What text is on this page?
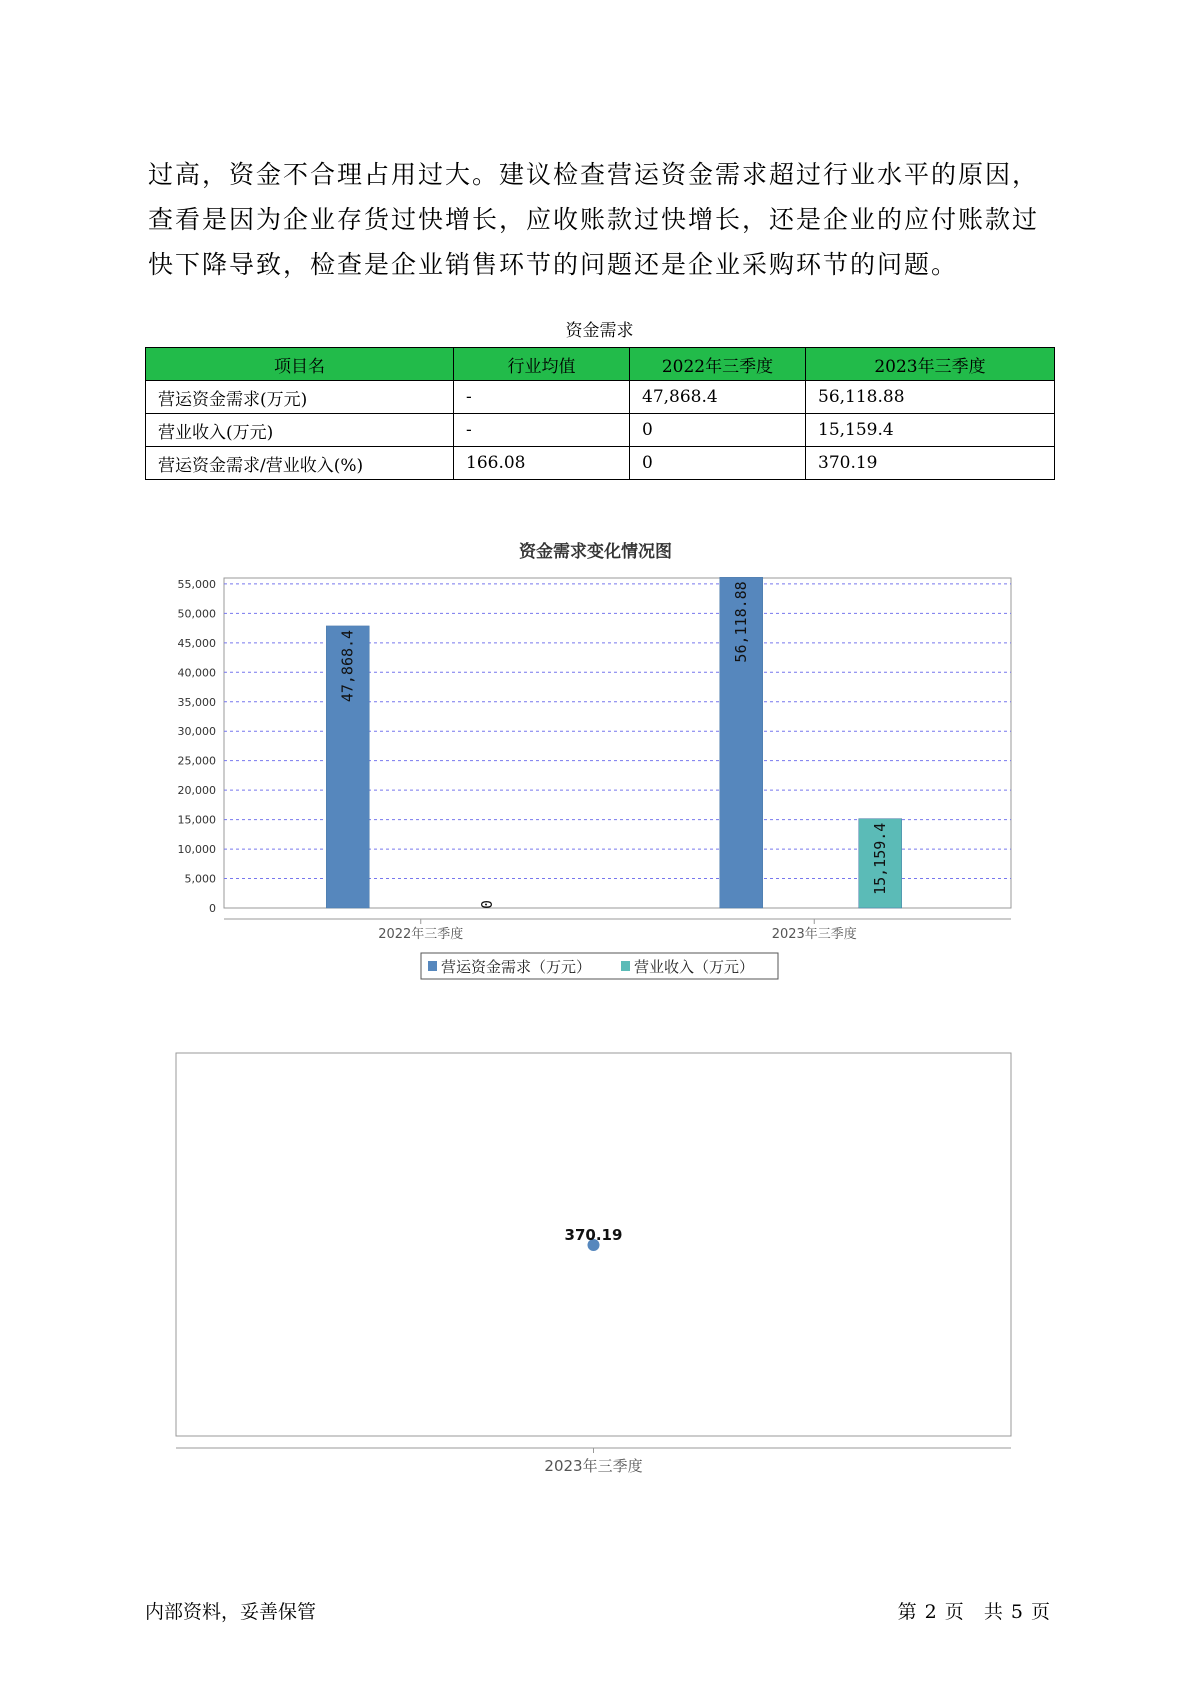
过高，资金不合理占用过大。建议检查营运资金需求超过行业水平的原因，查看是因为企业存货过快增长，应收账款过快增长，还是企业的应付账款过快下降导致，检查是企业销售环节的问题还是企业采购环节的问题。

资金需求
项目名	行业均值	2022年三季度	2023年三季度
营运资金需求(万元)	-	47,868.4	56,118.88
营业收入(万元)	-	0	15,159.4
营运资金需求/营业收入(%)	166.08	0	370.19
资金需求变化情况图
0
5,000
10,000
15,000
20,000
25,000
30,000
35,000
40,000
45,000
50,000
55,000
2022年三季度	2023年三季度
47,868.4
56,118.88
0
15,159.4
营运资金需求（万元）	营业收入（万元）
2023年三季度
370.19
内部资料，妥善保管	第 2 页 共 5 页
